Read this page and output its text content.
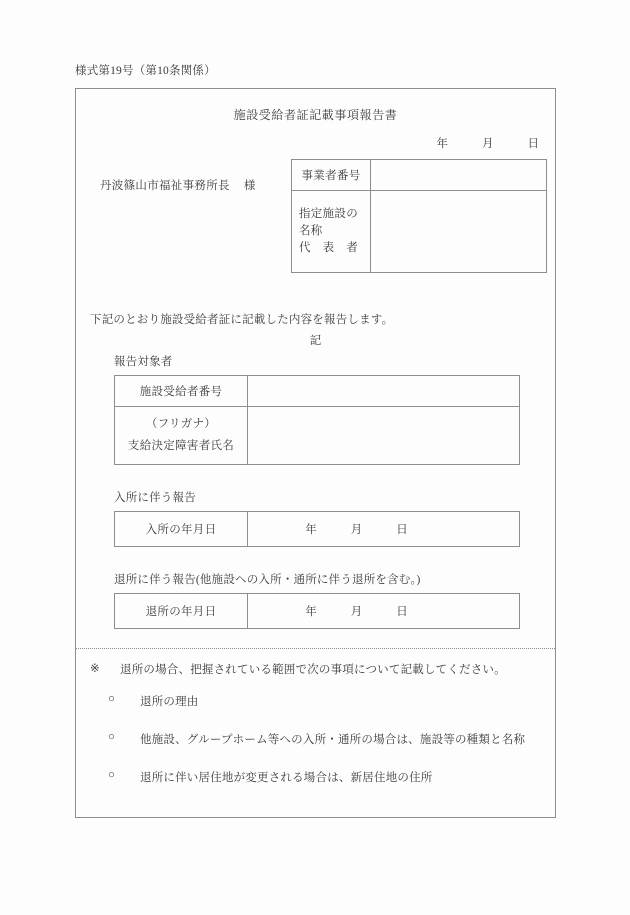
様式第19号（第10条関係）
施設受給者証記載事項報告書
年	月	日
丹波篠山市福祉事務所長 様
事業者番号	

指定施設の
名称
代　表　者	

下記のとおり施設受給者証に記載した内容を報告します。
記
報告対象者
施設受給者番号	

（フリガナ）
支給決定障害者氏名	

入所に伴う報告
入所の年月日	年	月	日
退所に伴う報告(他施設への入所・通所に伴う退所を含む。)
退所の年月日	年	月	日
※	退所の場合、把握されている範囲で次の事項について記載してください。
○	退所の理由
○	他施設、グループホーム等への入所・通所の場合は、施設等の種類と名称
○	退所に伴い居住地が変更される場合は、新居住地の住所
